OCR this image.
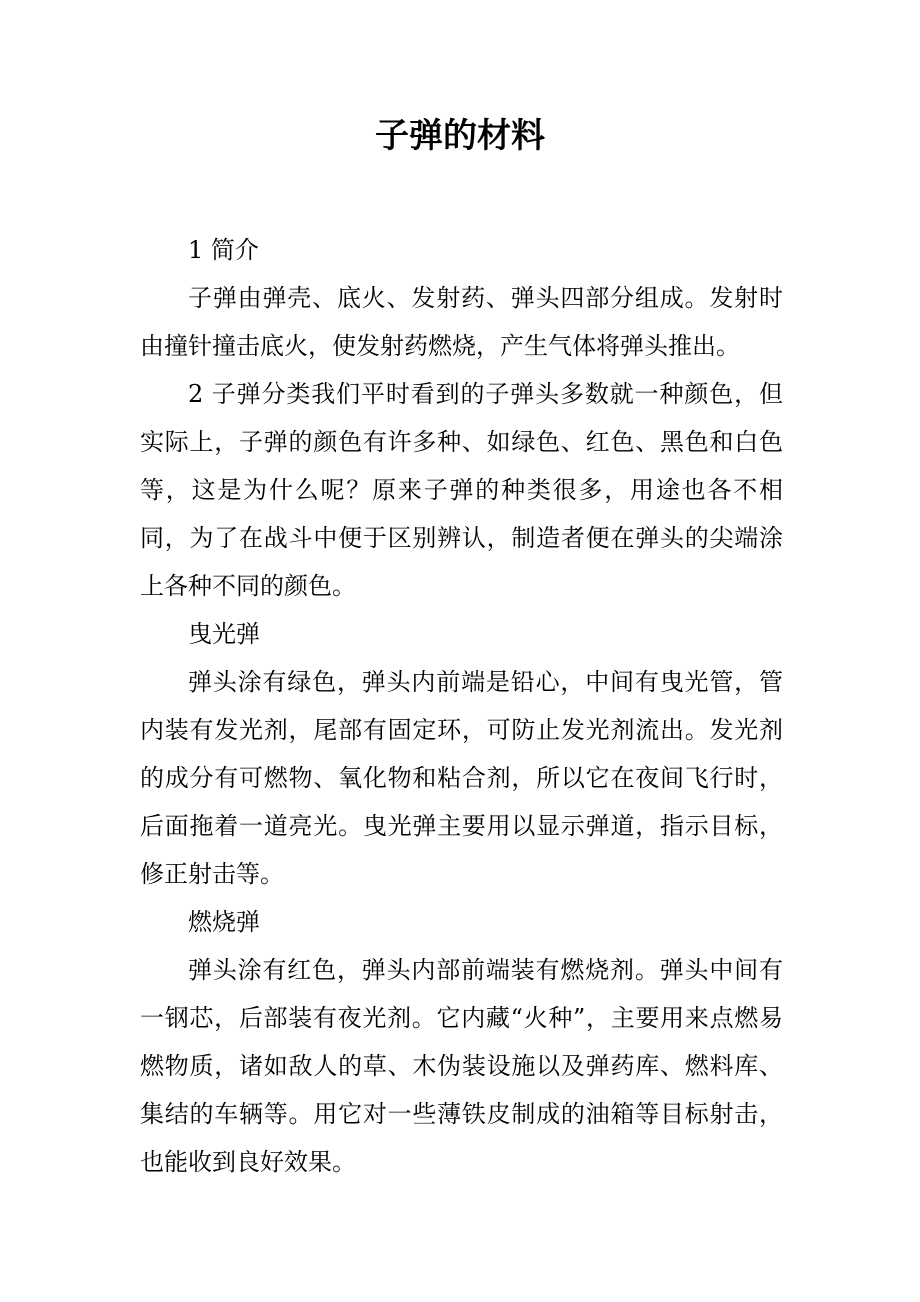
子弹的材料

1 简介

子弹由弹壳、底火、发射药、弹头四部分组成。发射时由撞针撞击底火，使发射药燃烧，产生气体将弹头推出。

2 子弹分类我们平时看到的子弹头多数就一种颜色，但实际上，子弹的颜色有许多种、如绿色、红色、黑色和白色等，这是为什么呢？原来子弹的种类很多，用途也各不相同，为了在战斗中便于区别辨认，制造者便在弹头的尖端涂上各种不同的颜色。

曳光弹

弹头涂有绿色，弹头内前端是铅心，中间有曳光管，管内装有发光剂，尾部有固定环，可防止发光剂流出。发光剂的成分有可燃物、氧化物和粘合剂，所以它在夜间飞行时，后面拖着一道亮光。曳光弹主要用以显示弹道，指示目标，修正射击等。

燃烧弹

弹头涂有红色，弹头内部前端装有燃烧剂。弹头中间有一钢芯，后部装有夜光剂。它内藏“火种”，主要用来点燃易燃物质，诸如敌人的草、木伪装设施以及弹药库、燃料库、集结的车辆等。用它对一些薄铁皮制成的油箱等目标射击，也能收到良好效果。
